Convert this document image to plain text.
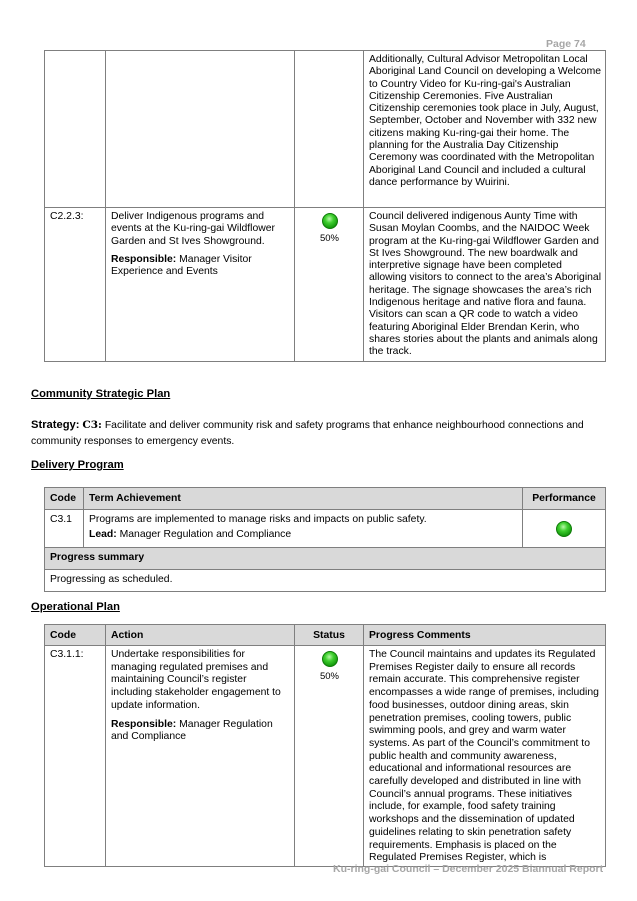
Page 74
			Additionally, Cultural Advisor Metropolitan Local Aboriginal Land Council on developing a Welcome to Country Video for Ku-ring-gai's Australian Citizenship Ceremonies. Five Australian Citizenship ceremonies took place in July, August, September, October and November with 332 new citizens making Ku-ring-gai their home. The planning for the Australia Day Citizenship Ceremony was coordinated with the Metropolitan Aboriginal Land Council and included a cultural dance performance by Wuirini.
C2.2.3:	Deliver Indigenous programs and events at the Ku-ring-gai Wildflower Garden and St Ives Showground.
Responsible: Manager Visitor Experience and Events	50%	Council delivered indigenous Aunty Time with Susan Moylan Coombs, and the NAIDOC Week program at the Ku-ring-gai Wildflower Garden and St Ives Showground. The new boardwalk and interpretive signage have been completed allowing visitors to connect to the area’s Aboriginal heritage. The signage showcases the area’s rich Indigenous heritage and native flora and fauna. Visitors can scan a QR code to watch a video featuring Aboriginal Elder Brendan Kerin, who shares stories about the plants and animals along the track.
Community Strategic Plan
Strategy: C3: Facilitate and deliver community risk and safety programs that enhance neighbourhood connections and community responses to emergency events.
Delivery Program
Code	Term Achievement	Performance
C3.1	Programs are implemented to manage risks and impacts on public safety.
Lead: Manager Regulation and Compliance	

Progress summary		
Progressing as scheduled.		
Operational Plan
Code	Action	Status	Progress Comments
C3.1.1:	Undertake responsibilities for managing regulated premises and maintaining Council’s register including stakeholder engagement to update information.
Responsible: Manager Regulation and Compliance	50%	The Council maintains and updates its Regulated Premises Register daily to ensure all records remain accurate. This comprehensive register encompasses a wide range of premises, including food businesses, outdoor dining areas, skin penetration premises, cooling towers, public swimming pools, and grey and warm water systems. As part of the Council’s commitment to public health and community awareness, educational and informational resources are carefully developed and distributed in line with Council’s annual programs. These initiatives include, for example, food safety training workshops and the dissemination of updated guidelines relating to skin penetration safety requirements. Emphasis is placed on the Regulated Premises Register, which is
Ku-ring-gai Council – December 2025 Biannual Report
